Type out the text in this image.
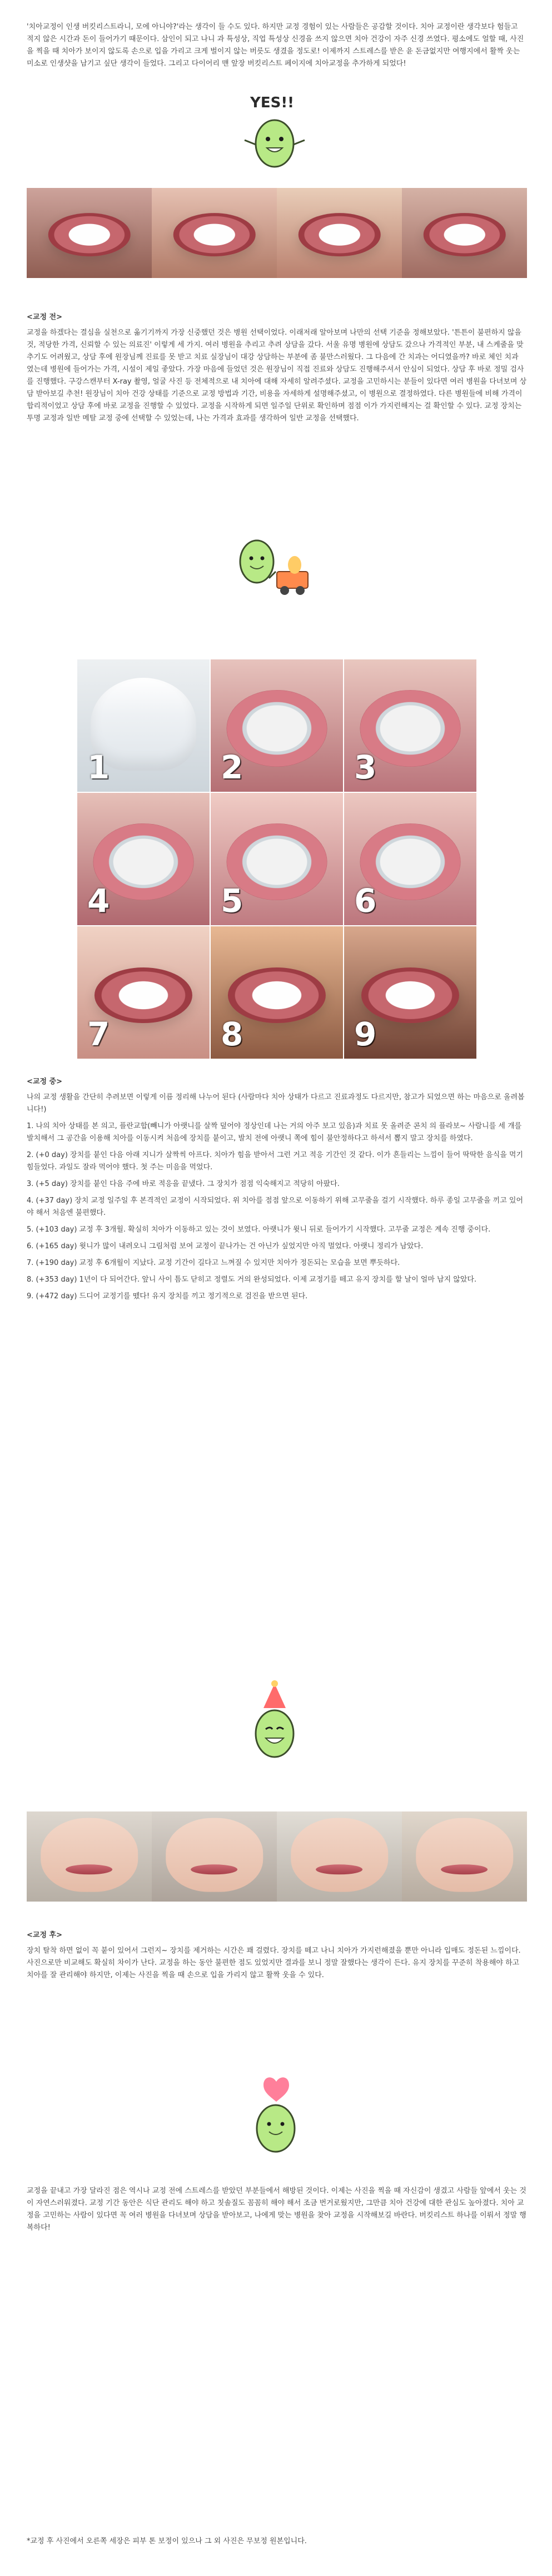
'치아교정이 인생 버킷리스트라니, 모에 아니야?'라는 생각이 들 수도 있다. 하지만 교정 경험이 있는 사람들은 공감할 것이다. 치아 교정이란 생각보다 험들고 적지 않은 시간과 돈이 들어가기 때문이다. 삼인이 되고 나니 과 특성상, 직업 특성상 신경을 쓰지 않으면 치아 건강이 자주 신경 쓰였다. 평소에도 얼할 때, 사진을 찍을 때 치아가 보이지 않도록 손으로 입을 가리고 크게 벌이지 않는 버릇도 생겼을 정도로! 이제까지 스트레스를 받은 윤 돈금없지만 여행지에서 활짝 웃는 미소로 인생샷을 남기고 싶단 생각이 들었다. 그리고 다이어리 맨 앞장 버킷리스트 페이지에 치아교정을 추가하게 되었다!

YES!!
<교정 전>

교정을 하겠다는 결심을 실천으로 옮기기까지 가장 신중했던 것은 병원 선택이었다. 이래저래 알아보며 나만의 선택 기준을 정해보았다. '튼튼이 불편하지 않을 것, 적당한 가격, 신뢰할 수 있는 의료진' 이렇게 세 가지. 여러 병원을 추리고 추려 상담을 갔다. 서울 유명 병원에 상담도 갔으나 가격적인 부분, 내 스케줄을 맞추기도 어려웠고, 상담 후에 원장님께 진료를 못 받고 치료 실장님이 대강 상담하는 부분에 좀 불만스러웠다. 그 다음에 간 치과는 어디였을까? 바로 체인 치과 였는데 병원에 들어가는 가격, 시설이 제일 좋았다. 가장 마음에 들었던 것은 원장님이 직접 진료와 상담도 진행해주셔서 안심이 되었다. 상담 후 바로 정밀 검사를 진행했다. 구강스캔부터 X-ray 촬영, 얼굴 사진 등 전체적으로 내 치아에 대해 자세히 알려주셨다. 교정을 고민하시는 분들이 있다면 여러 병원을 다녀보며 상담 받아보길 추천! 원장님이 치아 건강 상태를 기준으로 교정 방법과 기간, 비용을 자세하게 설명해주셨고, 이 병원으로 결정하였다. 다른 병원들에 비해 가격이 합리적이었고 상담 후에 바로 교정을 진행할 수 있었다. 교정을 시작하게 되면 일주일 단위로 확인하며 점점 이가 가지런해지는 걸 확인할 수 있다. 교정 장치는 투명 교정과 일반 메탈 교정 중에 선택할 수 있었는데, 나는 가격과 효과를 생각하여 일반 교정을 선택했다.

1	2	3
4	5	6
7	8	9
<교정 중>

나의 교정 생활을 간단히 추려보면 이렇게 이름 정리해 나누어 된다 (사람마다 치아 상태가 다르고 진료과정도 다르지만, 참고가 되었으면 하는 마음으로 올려봅니다!)

1. 나의 치아 상태를 본 의고, 플란교합(빼니가 아랫니를 살짝 덮어야 정상인데 나는 거의 아주 보고 있음)과 치료 못 올려준 콘치 의 플라보~ 사람니를 세 개를 발치해서 그 공간을 이용해 치아를 이동시켜 처음에 장치를 붙이고, 발치 전에 아랫니 쪽에 힘이 불안정하다고 하셔서 뽑지 말고 장치를 하였다.

2. (+0 day) 장치를 붙인 다음 아래 지니가 살짝씩 아프다. 치아가 힘을 받아서 그런 거고 적응 기간인 것 같다. 이가 흔들리는 느낌이 들어 딱딱한 음식을 먹기 힘들었다. 과일도 잘라 먹어야 했다. 첫 주는 미음을 먹었다.

3. (+5 day) 장치를 붙인 다음 주에 바로 적응을 끝냈다. 그 장치가 점점 익숙해지고 적당히 아팠다.

4. (+37 day) 장치 교정 일주일 후 본격적인 교정이 시작되었다. 위 치아를 점점 앞으로 이동하기 위해 고무줄을 걸기 시작했다. 하루 종일 고무줄을 끼고 있어야 해서 처음엔 불편했다.

5. (+103 day) 교정 후 3개월. 확실히 치아가 이동하고 있는 것이 보였다. 아랫니가 윗니 뒤로 들어가기 시작했다. 고무줄 교정은 계속 진행 중이다.

6. (+165 day) 윗니가 많이 내려오니 그림처럼 보여 교정이 끝나가는 건 아닌가 싶었지만 아직 멀었다. 아랫니 정리가 남았다.

7. (+190 day) 교정 후 6개월이 지났다. 교정 기간이 길다고 느껴질 수 있지만 치아가 정돈되는 모습을 보면 뿌듯하다.

8. (+353 day) 1년이 다 되어간다. 앞니 사이 틈도 닫히고 정렬도 거의 완성되었다. 이제 교정기를 떼고 유지 장치를 할 날이 얼마 남지 않았다.

9. (+472 day) 드디어 교정기를 뗐다! 유지 장치를 끼고 정기적으로 검진을 받으면 된다.

<교정 후>

장치 탈착 하면 없이 꼭 붙이 있어서 그런지~ 장치를 제거하는 시간은 꽤 걸렸다. 장치를 떼고 나니 치아가 가지런해졌을 뿐만 아니라 입매도 정돈된 느낌이다. 사진으로만 비교해도 확실히 차이가 난다. 교정을 하는 동안 불편한 점도 있었지만 결과를 보니 정말 잘했다는 생각이 든다. 유지 장치를 꾸준히 착용해야 하고 치아를 잘 관리해야 하지만, 이제는 사진을 찍을 때 손으로 입을 가리지 않고 활짝 웃을 수 있다.

교정을 끝내고 가장 달라진 점은 역시나 교정 전에 스트레스를 받았던 부분들에서 해방된 것이다. 이제는 사진을 찍을 때 자신감이 생겼고 사람들 앞에서 웃는 것이 자연스러워졌다. 교정 기간 동안은 식단 관리도 해야 하고 칫솔질도 꼼꼼히 해야 해서 조금 번거로웠지만, 그만큼 치아 건강에 대한 관심도 높아졌다. 치아 교정을 고민하는 사람이 있다면 꼭 여러 병원을 다녀보며 상담을 받아보고, 나에게 맞는 병원을 찾아 교정을 시작해보길 바란다. 버킷리스트 하나를 이뤄서 정말 행복하다!

*교정 후 사진에서 오른쪽 세장은 피부 톤 보정이 있으나 그 외 사진은 무보정 원본입니다.
